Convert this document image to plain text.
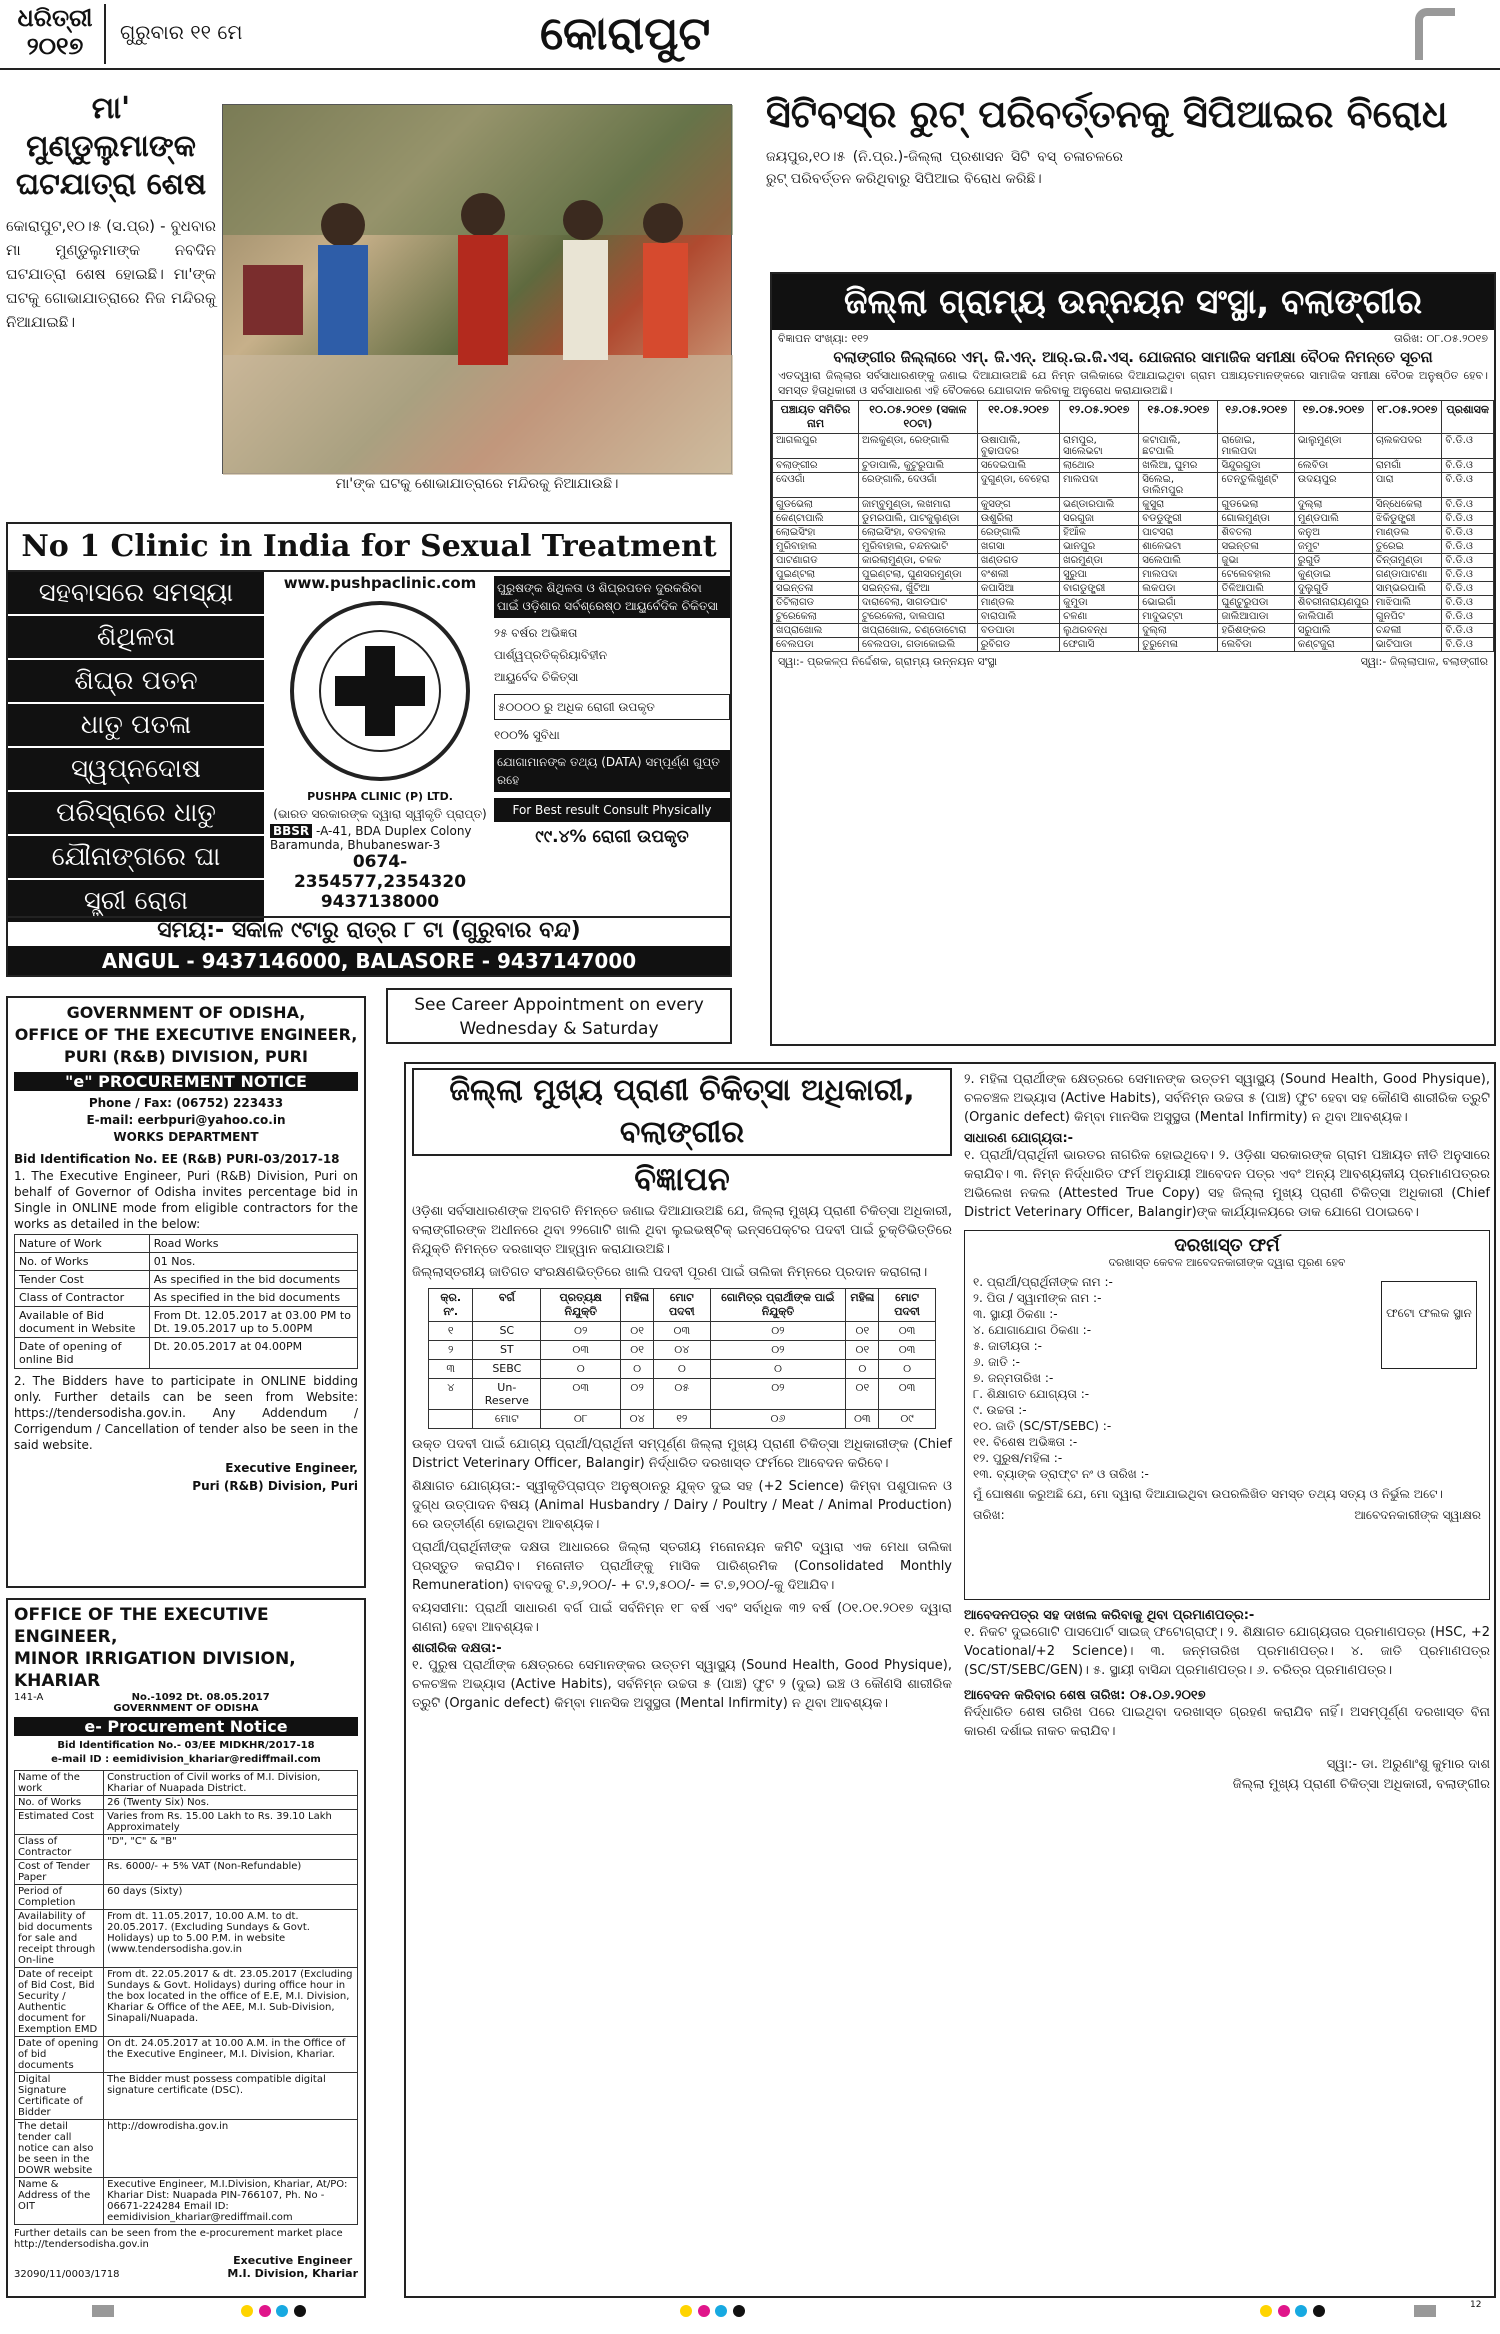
ଧରିତ୍ରୀ
୨୦୧୭	ଗୁରୁବାର ୧୧ ମେ	କୋରାପୁଟ
ମା' ମୁଣ୍ଡୁଲୁମାଙ୍କ
ଘଟଯାତ୍ରା ଶେଷ
କୋରାପୁଟ,୧୦।୫ (ସ.ପ୍ର) - ବୁଧବାର ମା ମୁଣ୍ଡୁଲୁମାଙ୍କ ନବଦିନ ଘଟଯାତ୍ରା ଶେଷ ହୋଇଛି। ମା'ଙ୍କ ଘଟକୁ ଗୋଭାଯାତ୍ରାରେ ନିଜ ମନ୍ଦିରକୁ ନିଆଯାଇଛି।
ମା'ଙ୍କ ଘଟକୁ ଶୋଭାଯାତ୍ରାରେ ମନ୍ଦିରକୁ ନିଆଯାଉଛି।
ସିଟିବସ୍‌ର ରୁଟ୍ ପରିବର୍ତ୍ତନକୁ ସିପିଆଇର ବିରୋଧ
ଜୟପୁର,୧୦।୫ (ନି.ପ୍ର.)-ଜିଲ୍ଲା ପ୍ରଶାସନ ସିଟି ବସ୍ ଚଳାଚଳରେ ରୁଟ୍ ପରିବର୍ତ୍ତନ କରିଥିବାରୁ ସିପିଆଇ ବିରୋଧ କରିଛି।
No 1 Clinic in India for Sexual Treatment
ସହବାସରେ ସମସ୍ୟା
ଶିଥିଳତା
ଶିଘ୍ର ପତନ
ଧାତୁ ପତଳା
ସ୍ୱପ୍ନଦୋଷ
ପରିସ୍ରାରେ ଧାତୁ
ଯୌନାଙ୍ଗରେ ଘା
ସ୍ତ୍ରୀ ରୋଗ
www.pushpaclinic.com
PUSHPA CLINIC (P) LTD.
(ଭାରତ ସରକାରଙ୍କ ଦ୍ୱାରା ସ୍ୱୀକୃତି ପ୍ରାପ୍ତ)
BBSR -A-41, BDA Duplex Colony Baramunda, Bhubaneswar-3
0674-2354577,2354320
9437138000
ପୁରୁଷଙ୍କ ଶିଥିଳତା ଓ ଶିଘ୍ରପତନ ଦୁରକରିବା ପାଇଁ ଓଡ଼ିଶାର ସର୍ବଶ୍ରେଷ୍ଠ ଆୟୁର୍ବେଦିକ ଚିକିତ୍ସା
୨୫ ବର୍ଷର ଅଭିଜ୍ଞତା
ପାର୍ଶ୍ୱପ୍ରତିକ୍ରିୟାବିହୀନ
ଆୟୁର୍ବେଦ ଚିକିତ୍ସା
୫୦୦୦୦ ରୁ ଅଧିକ ରୋଗୀ ଉପକୃତ
୧୦୦% ସୁବିଧା
ଯୋଗାମାନଙ୍କ ତଥ୍ୟ (DATA) ସମ୍ପୂର୍ଣ୍ଣ ଗୁପ୍ତ ରହେ
For Best result Consult Physically
୯୯.୪% ରୋଗୀ ଉପକୃତ
ସମୟ:- ସକାଳ ୯ଟାରୁ ରାତ୍ର ୮ ଟା (ଗୁରୁବାର ବନ୍ଦ)
ANGUL - 9437146000, BALASORE - 9437147000
See Career Appointment on every
Wednesday & Saturday
GOVERNMENT OF ODISHA,
OFFICE OF THE EXECUTIVE ENGINEER,
PURI (R&B) DIVISION, PURI
"e" PROCUREMENT NOTICE
Phone / Fax: (06752) 223433
E-mail: eerbpuri@yahoo.co.in
WORKS DEPARTMENT
Bid Identification No. EE (R&B) PURI-03/2017-18
1. The Executive Engineer, Puri (R&B) Division, Puri on behalf of Governor of Odisha invites percentage bid in Single in ONLINE mode from eligible contractors for the works as detailed in the below:
Nature of Work	Road Works
No. of Works	01 Nos.
Tender Cost	As specified in the bid documents
Class of Contractor	As specified in the bid documents
Available of Bid document in Website	From Dt. 12.05.2017 at 03.00 PM to Dt. 19.05.2017 up to 5.00PM
Date of opening of online Bid	Dt. 20.05.2017 at 04.00PM
2. The Bidders have to participate in ONLINE bidding only. Further details can be seen from Website: https://tendersodisha.gov.in. Any Addendum / Corrigendum / Cancellation of tender also be seen in the said website.
Executive Engineer,
Puri (R&B) Division, Puri
OFFICE OF THE EXECUTIVE ENGINEER,
MINOR IRRIGATION DIVISION, KHARIAR
141-A	No.-1092 Dt. 08.05.2017
GOVERNMENT OF ODISHA
e- Procurement Notice
Bid Identification No.- 03/EE MIDKHR/2017-18
e-mail ID : eemidivision_khariar@rediffmail.com
Name of the work	Construction of Civil works of M.I. Division, Khariar of Nuapada District.
No. of Works	26 (Twenty Six) Nos.
Estimated Cost	Varies from Rs. 15.00 Lakh to Rs. 39.10 Lakh Approximately
Class of Contractor	"D", "C" & "B"
Cost of Tender Paper	Rs. 6000/- + 5% VAT (Non-Refundable)
Period of Completion	60 days (Sixty)
Availability of bid documents for sale and receipt through On-line	From dt. 11.05.2017, 10.00 A.M. to dt. 20.05.2017. (Excluding Sundays & Govt. Holidays) up to 5.00 P.M. in website (www.tendersodisha.gov.in
Date of receipt of Bid Cost, Bid Security / Authentic document for Exemption EMD	From dt. 22.05.2017 & dt. 23.05.2017 (Excluding Sundays & Govt. Holidays) during office hour in the box located in the office of E.E, M.I. Division, Khariar & Office of the AEE, M.I. Sub-Division, Sinapali/Nuapada.
Date of opening of bid documents	On dt. 24.05.2017 at 10.00 A.M. in the Office of the Executive Engineer, M.I. Division, Khariar.
Digital Signature Certificate of Bidder	The Bidder must possess compatible digital signature certificate (DSC).
The detail tender call notice can also be seen in the DOWR website	http://dowrodisha.gov.in
Name & Address of the OIT	Executive Engineer, M.I.Division, Khariar, At/PO: Khariar Dist: Nuapada PIN-766107, Ph. No - 06671-224284 Email ID: eemidivision_khariar@rediffmail.com
Further details can be seen from the e-procurement market place http://tendersodisha.gov.in
32090/11/0003/1718
Executive Engineer
M.I. Division, Khariar
ଜିଲ୍ଲା ଗ୍ରାମ୍ୟ ଉନ୍ନୟନ ସଂସ୍ଥା, ବଲାଙ୍ଗୀର
ବିଜ୍ଞାପନ ସଂଖ୍ୟା: ୧୧୨	ତାରିଖ: ୦୮.୦୫.୨୦୧୭
ବଲାଙ୍ଗୀର ଜିଲ୍ଲାରେ ଏମ୍. ଜି.ଏନ୍. ଆର୍.ଇ.ଜି.ଏସ୍. ଯୋଜନାର ସାମାଜିକ ସମୀକ୍ଷା ବୈଠକ ନିମନ୍ତେ ସୂଚନା
ଏତଦ୍ୱାରା ଜିଲ୍ଲାର ସର୍ବସାଧାରଣଙ୍କୁ ଜଣାଇ ଦିଆଯାଉଅଛି ଯେ ନିମ୍ନ ତାଲିକାରେ ଦିଆଯାଇଥିବା ଗ୍ରାମ ପଞ୍ଚାୟତମାନଙ୍କରେ ସାମାଜିକ ସମୀକ୍ଷା ବୈଠକ ଅନୁଷ୍ଠିତ ହେବ। ସମସ୍ତ ହିତାଧିକାରୀ ଓ ସର୍ବସାଧାରଣ ଏହି ବୈଠକରେ ଯୋଗଦାନ କରିବାକୁ ଅନୁରୋଧ କରାଯାଉଅଛି।
ପଞ୍ଚାୟତ ସମିତିର ନାମ	୧୦.୦୫.୨୦୧୭ (ସକାଳ ୧୦ଟା)	୧୧.୦୫.୨୦୧୭	୧୨.୦୫.୨୦୧୭	୧୫.୦୫.୨୦୧୭	୧୬.୦୫.୨୦୧୭	୧୭.୦୫.୨୦୧୭	୧୮.୦୫.୨୦୧୭	ପ୍ରଶାସକ
ଆଗଲପୁର	ଅଲକୁଣ୍ଡା, ରେଙ୍ଗାଲି	ଉଷାପାଲି, ବୁଢାପଦର	ରାମପୁର, ସାଲେଭଟା	କଟାପାଲି, ଛଟପାଲି	ରାଜୋଇ, ମାଲପଦା	ଭାଲୁମୁଣ୍ଡା	ଚାଲକପଦର	ବି.ଡି.ଓ
ବଲାଙ୍ଗୀର	ଚୁଡାପାଲି, କୁଟୁରୁପାଲି	ସଦେଇପାଲି	ଲାଥୋର	ଖଲିଆ, ଘୁମର	ସିନ୍ଦୁରଗୁଡା	ଲେବିଡା	ରାମଗାଁ	ବି.ଡି.ଓ
ଦେଓଗାଁ	ରେଙ୍ଗାଲି, ଦେଓଗାଁ	ଦୁଗୁଣ୍ଡା, ବେହେରା	ମାଲପଦା	ସିଲେଇ, ଡାଲିମପୁର	ତେନ୍ତୁଲିଖୁଣ୍ଟି	ଉଦୟପୁର	ପାରା	ବି.ଡି.ଓ
ଗୁଡଭେଲା	ଜାମ୍ବୁମୁଣ୍ଡା, ଲଖମାରା	କୁସଙ୍ଗ	ଭଣ୍ଡାରପାଲି	କୁସୁରା	ଗୁଡଭେଲା	ଦୁଲ୍ଲା	ସିନ୍ଧେକେଲା	ବି.ଡି.ଓ
କେଣ୍ଟାପାଲି	ଡୁମରପାଲି, ପାଟକୁଲୁଣ୍ଡା	ଉଶୁରିଲା	ସରଗୁଜା	ବଡଡୁଙ୍ଗ୍ରୀ	ଗୋଲମୁଣ୍ଡା	ମୁଣ୍ଡପାଲି	ଝିକିଡୁଙ୍ଗ୍ରୀ	ବି.ଡି.ଓ
ଲୋଇସିଂହା	ଲୋଇସିଂହା, ବଡବହାଲ	ରେଙ୍ଗାଲି	ହିଆଁଳ	ପାଟସରା	ଶିବତଲା	କନୁଅ	ମାଣ୍ଡଲ	ବି.ଡି.ଓ
ମୁରିବାହାଲ	ମୁରିବାହାଲ, ଚନ୍ଦନଭାଟି	ଖଗସା	ଭାନପୁର	ଶାଳେଭଟା	ସଇନ୍ତଳା	ଜମୁଟ	ତୁରେଇ	ବି.ଡି.ଓ
ପାଟଣାଗଡ	କାରଲାମୁଣ୍ଡା, ଚଳକ	ଖଣ୍ଡଗଡ	ଖରମୁଣ୍ଡା	ସଲେପାଲି	ଜୁଭା	ରୁଗୁଡି	ଚିନ୍ତାମୁଣ୍ଡା	ବି.ଡି.ଓ
ପୁଇଣ୍ଟଲା	ପୁଇଣ୍ଟଲା, ଘୁଣସରମୁଣ୍ଡା	ବଂଶଲୀ	ସୁରୁପା	ମାଲପଦା	ଟେଲେବହାଲ	କୁଣ୍ଡାଇ	ଗଣ୍ଡାପାଟଣା	ବି.ଡି.ଓ
ସଇନ୍ତଳା	ସଇନ୍ତଳା, ଖୁଁଟିଆ	କପାସିଆ	ବାଗଡୁଙ୍ଗ୍ରୀ	ଲକପଡା	ତିଳିଆପାଲି	ଦୁଲୁଗୁଡି	ସାମ୍ଭରପାଲି	ବି.ଡି.ଓ
ତିଟିଲାଗଡ	ଦାରାବେଲା, ସାଗଡଘାଟ	ମାଣ୍ଡଲ	କୁମୁଡା	ଭୋଇଗାଁ	ଘୁଣ୍ଟୁରୁପଡା	ଶିବରୀନାରାୟଣପୁର	ମାଝିପାଲି	ବି.ଡି.ଓ
ଟୁରେକେଲା	ଟୁରେକେଲା, ଦାଲପାରା	ବାରାପାଲି	ଚଳଣା	ମାଦୁଭଟ୍ଟା	ଜାଲିଆପାଡା	କାଲିପାଣି	ଗୁନପିଟ	ବି.ଡି.ଓ
ଖପ୍ରାଖୋଲ	ଖପ୍ରାଖୋଲ, ଚଣ୍ଡୋଟୋରା	ବଡପାଡା	ଲୁଥରବନ୍ଧ	ଦୁଲ୍ଲା	ହରିଶଙ୍କର	ସରୁପାଲି	ଚନ୍ଦଲୀ	ବି.ଡି.ଓ
ବେଲପଡା	ବେଲପଡା, ଗଡାକୋଇଲି	ରୁବିଗଡ	ଫେଗାସି	ତୁରୁମେଳା	ଲେବିଡା	କଣ୍ଟଜୁରା	ଭାଟିପାଡା	ବି.ଡି.ଓ
ସ୍ୱା:- ପ୍ରକଳ୍ପ ନିର୍ଦ୍ଦେଶକ, ଗ୍ରାମ୍ୟ ଉନ୍ନୟନ ସଂସ୍ଥା	ସ୍ୱା:- ଜିଲ୍ଲାପାଳ, ବଲାଙ୍ଗୀର
ଜିଲ୍ଲା ମୁଖ୍ୟ ପ୍ରାଣୀ ଚିକିତ୍ସା ଅଧିକାରୀ, ବଲାଙ୍ଗୀର
ବିଜ୍ଞାପନ
ଓଡ଼ିଶା ସର୍ବସାଧାରଣଙ୍କ ଅବଗତି ନିମନ୍ତେ ଜଣାଇ ଦିଆଯାଉଅଛି ଯେ, ଜିଲ୍ଲା ମୁଖ୍ୟ ପ୍ରାଣୀ ଚିକିତ୍ସା ଅଧିକାରୀ, ବଲାଙ୍ଗୀରଙ୍କ ଅଧୀନରେ ଥିବା ୨୨ଗୋଟି ଖାଲି ଥିବା ଲୁଇଭଷ୍ଟିକ୍ ଇନ୍‌ସପେକ୍ଟର ପଦବୀ ପାଇଁ ଚୁକ୍ତିଭିତ୍ତିରେ ନିଯୁକ୍ତି ନିମନ୍ତେ ଦରଖାସ୍ତ ଆହ୍ୱାନ କରାଯାଉଅଛି।
ଜିଲ୍ଲାସ୍ତରୀୟ ଜାତିଗତ ସଂରକ୍ଷଣଭିତ୍ତିରେ ଖାଲି ପଦବୀ ପୂରଣ ପାଇଁ ତାଲିକା ନିମ୍ନରେ ପ୍ରଦାନ କରାଗଲା।
କ୍ର. ନଂ.	ବର୍ଗ	ପ୍ରତ୍ୟକ୍ଷ ନିଯୁକ୍ତି	ମହିଳା	ମୋଟ ପଦବୀ	ଗୋମିତ୍ର ପ୍ରାର୍ଥୀଙ୍କ ପାଇଁ ନିଯୁକ୍ତି	ମହିଳା	ମୋଟ ପଦବୀ
୧	SC	୦୨	୦୧	୦୩	୦୨	୦୧	୦୩
୨	ST	୦୩	୦୧	୦୪	୦୨	୦୧	୦୩
୩	SEBC	୦	୦	୦	୦	୦	୦
୪	Un-Reserve	୦୩	୦୨	୦୫	୦୨	୦୧	୦୩
	ମୋଟ	୦୮	୦୪	୧୨	୦୬	୦୩	୦୯
ଉକ୍ତ ପଦବୀ ପାଇଁ ଯୋଗ୍ୟ ପ୍ରାର୍ଥୀ/ପ୍ରାର୍ଥିନୀ ସମ୍ପୂର୍ଣ୍ଣ ଜିଲ୍ଲା ମୁଖ୍ୟ ପ୍ରାଣୀ ଚିକିତ୍ସା ଅଧିକାରୀଙ୍କ (Chief District Veterinary Officer, Balangir) ନିର୍ଦ୍ଧାରିତ ଦରଖାସ୍ତ ଫର୍ମରେ ଆବେଦନ କରିବେ।
ଶିକ୍ଷାଗତ ଯୋଗ୍ୟତା:- ସ୍ୱୀକୃତିପ୍ରାପ୍ତ ଅନୁଷ୍ଠାନରୁ ଯୁକ୍ତ ଦୁଇ ସହ (+2 Science) କିମ୍ବା ପଶୁପାଳନ ଓ ଦୁଗ୍ଧ ଉତ୍ପାଦନ ବିଷୟ (Animal Husbandry / Dairy / Poultry / Meat / Animal Production) ରେ ଉତ୍ତୀର୍ଣ୍ଣ ହୋଇଥିବା ଆବଶ୍ୟକ।
ପ୍ରାର୍ଥୀ/ପ୍ରାର୍ଥିନୀଙ୍କ ଦକ୍ଷତା ଆଧାରରେ ଜିଲ୍ଲା ସ୍ତରୀୟ ମନୋନୟନ କମିଟି ଦ୍ୱାରା ଏକ ମେଧା ତାଲିକା ପ୍ରସ୍ତୁତ କରାଯିବ। ମନୋନୀତ ପ୍ରାର୍ଥୀଙ୍କୁ ମାସିକ ପାରିଶ୍ରମିକ (Consolidated Monthly Remuneration) ବାବଦକୁ ଟ.୬,୨୦୦/- + ଟ.୨,୫୦୦/- = ଟ.୭,୨୦୦/-କୁ ଦିଆଯିବ।
ବୟସସୀମା: ପ୍ରାର୍ଥୀ ସାଧାରଣ ବର୍ଗ ପାଇଁ ସର୍ବନିମ୍ନ ୧୮ ବର୍ଷ ଏବଂ ସର୍ବାଧିକ ୩୨ ବର୍ଷ (୦୧.୦୧.୨୦୧୭ ଦ୍ୱାରା ଗଣନା) ହେବା ଆବଶ୍ୟକ।
ଶାରୀରିକ ଦକ୍ଷତା:-
୧. ପୁରୁଷ ପ୍ରାର୍ଥୀଙ୍କ କ୍ଷେତ୍ରରେ ସେମାନଙ୍କର ଉତ୍ତମ ସ୍ୱାସ୍ଥ୍ୟ (Sound Health, Good Physique), ଚଳଚଞ୍ଚଳ ଅଭ୍ୟାସ (Active Habits), ସର୍ବନିମ୍ନ ଉଚ୍ଚତା ୫ (ପାଞ୍ଚ) ଫୁଟ ୨ (ଦୁଇ) ଇଞ୍ଚ ଓ କୌଣସି ଶାରୀରିକ ତ୍ରୁଟି (Organic defect) କିମ୍ବା ମାନସିକ ଅସୁସ୍ଥତା (Mental Infirmity) ନ ଥିବା ଆବଶ୍ୟକ।
୨. ମହିଳା ପ୍ରାର୍ଥୀଙ୍କ କ୍ଷେତ୍ରରେ ସେମାନଙ୍କ ଉତ୍ତମ ସ୍ୱାସ୍ଥ୍ୟ (Sound Health, Good Physique), ଚଳଚଞ୍ଚଳ ଅଭ୍ୟାସ (Active Habits), ସର୍ବନିମ୍ନ ଉଚ୍ଚତା ୫ (ପାଞ୍ଚ) ଫୁଟ ହେବା ସହ କୌଣସି ଶାରୀରିକ ତ୍ରୁଟି (Organic defect) କିମ୍ବା ମାନସିକ ଅସୁସ୍ଥତା (Mental Infirmity) ନ ଥିବା ଆବଶ୍ୟକ।
ସାଧାରଣ ଯୋଗ୍ୟତା:-
୧. ପ୍ରାର୍ଥୀ/ପ୍ରାର୍ଥିନୀ ଭାରତର ନାଗରିକ ହୋଇଥିବେ। ୨. ଓଡ଼ିଶା ସରକାରଙ୍କ ଗ୍ରାମ ପଞ୍ଚାୟତ ନୀତି ଅନୁସାରେ କରାଯିବ। ୩. ନିମ୍ନ ନିର୍ଦ୍ଧାରିତ ଫର୍ମ ଅନୁଯାୟୀ ଆବେଦନ ପତ୍ର ଏବଂ ଅନ୍ୟ ଆବଶ୍ୟକୀୟ ପ୍ରମାଣପତ୍ରର ଅଭିଲେଖ ନକଲ (Attested True Copy) ସହ ଜିଲ୍ଲା ମୁଖ୍ୟ ପ୍ରାଣୀ ଚିକିତ୍ସା ଅଧିକାରୀ (Chief District Veterinary Officer, Balangir)ଙ୍କ କାର୍ଯ୍ୟାଳୟରେ ଡାକ ଯୋଗେ ପଠାଇବେ।
ଦରଖାସ୍ତ ଫର୍ମ
ଦରଖାସ୍ତ କେବଳ ଆବେଦନକାରୀଙ୍କ ଦ୍ୱାରା ପୂରଣ ହେବ
ଫଟୋ ଫଲକ ସ୍ଥାନ
୧. ପ୍ରାର୍ଥୀ/ପ୍ରାର୍ଥିନୀଙ୍କ ନାମ :-
୨. ପିତା / ସ୍ୱାମୀଙ୍କ ନାମ :-
୩. ସ୍ଥାୟୀ ଠିକଣା :-
୪. ଯୋଗାଯୋଗ ଠିକଣା :-
୫. ଜାତୀୟତା :-
୬. ଜାତି :-
୭. ଜନ୍ମତାରିଖ :-
୮. ଶିକ୍ଷାଗତ ଯୋଗ୍ୟତା :-
୯. ଉଚ୍ଚତା :-
୧୦. ଜାତି (SC/ST/SEBC) :-
୧୧. ବିଶେଷ ଅଭିଜ୍ଞତା :-
୧୨. ପୁରୁଷ/ମହିଳା :-
୧୩. ବ୍ୟାଙ୍କ ଡ୍ରାଫ୍ଟ ନଂ ଓ ତାରିଖ :-
ମୁଁ ଘୋଷଣା କରୁଅଛି ଯେ, ମୋ ଦ୍ୱାରା ଦିଆଯାଇଥିବା ଉପରଲିଖିତ ସମସ୍ତ ତଥ୍ୟ ସତ୍ୟ ଓ ନିର୍ଭୁଲ ଅଟେ।
ତାରିଖ:	ଆବେଦନକାରୀଙ୍କ ସ୍ୱାକ୍ଷର
ଆବେଦନପତ୍ର ସହ ଦାଖଲ କରିବାକୁ ଥିବା ପ୍ରମାଣପତ୍ର:-
୧. ନିକଟ ଦୁଇଗୋଟି ପାସପୋର୍ଟ ସାଇଜ୍ ଫଟୋଗ୍ରାଫ୍। ୨. ଶିକ୍ଷାଗତ ଯୋଗ୍ୟତାର ପ୍ରମାଣପତ୍ର (HSC, +2 Vocational/+2 Science)। ୩. ଜନ୍ମତାରିଖ ପ୍ରମାଣପତ୍ର। ୪. ଜାତି ପ୍ରମାଣପତ୍ର (SC/ST/SEBC/GEN)। ୫. ସ୍ଥାୟୀ ବାସିନ୍ଦା ପ୍ରମାଣପତ୍ର। ୬. ଚରିତ୍ର ପ୍ରମାଣପତ୍ର।
ଆବେଦନ କରିବାର ଶେଷ ତାରିଖ: ୦୫.୦୬.୨୦୧୭
ନିର୍ଦ୍ଧାରିତ ଶେଷ ତାରିଖ ପରେ ପାଇଥିବା ଦରଖାସ୍ତ ଗ୍ରହଣ କରାଯିବ ନାହିଁ। ଅସମ୍ପୂର୍ଣ୍ଣ ଦରଖାସ୍ତ ବିନା କାରଣ ଦର୍ଶାଇ ନାକଚ କରାଯିବ।
ସ୍ୱା:- ଡା. ଅରୁଣାଂଶୁ କୁମାର ଦାଶ
ଜିଲ୍ଲା ମୁଖ୍ୟ ପ୍ରାଣୀ ଚିକିତ୍ସା ଅଧିକାରୀ, ବଲାଙ୍ଗୀର

12
